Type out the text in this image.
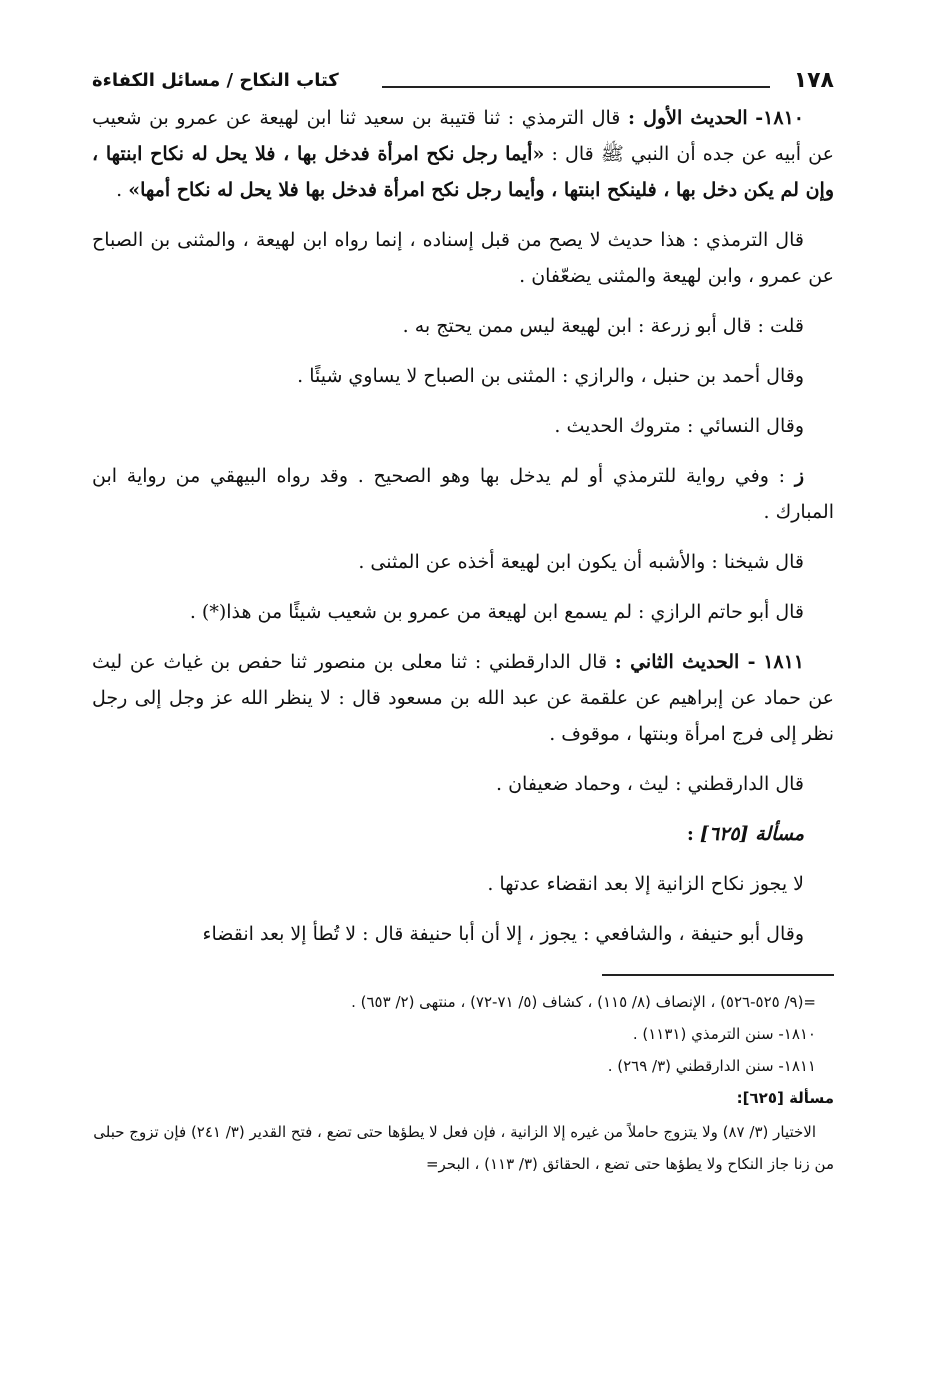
١٧٨
كتاب النكاح / مسائل الكفاءة

١٨١٠- الحديث الأول : قال الترمذي : ثنا قتيبة بن سعيد ثنا ابن لهيعة عن عمرو بن شعيب عن أبيه عن جده أن النبي ﷺ قال : «أيما رجل نكح امرأة فدخل بها ، فلا يحل له نكاح ابنتها ، وإن لم يكن دخل بها ، فلينكح ابنتها ، وأيما رجل نكح امرأة فدخل بها فلا يحل له نكاح أمها» .

قال الترمذي : هذا حديث لا يصح من قبل إسناده ، إنما رواه ابن لهيعة ، والمثنى بن الصباح عن عمرو ، وابن لهيعة والمثنى يضعّفان .

قلت : قال أبو زرعة : ابن لهيعة ليس ممن يحتج به .

وقال أحمد بن حنبل ، والرازي : المثنى بن الصباح لا يساوي شيئًا .

وقال النسائي : متروك الحديث .

ز : وفي رواية للترمذي أو لم يدخل بها وهو الصحيح . وقد رواه البيهقي من رواية ابن المبارك .

قال شيخنا : والأشبه أن يكون ابن لهيعة أخذه عن المثنى .

قال أبو حاتم الرازي : لم يسمع ابن لهيعة من عمرو بن شعيب شيئًا من هذا(*) .

١٨١١ - الحديث الثاني : قال الدارقطني : ثنا معلى بن منصور ثنا حفص بن غياث عن ليث عن حماد عن إبراهيم عن علقمة عن عبد الله بن مسعود قال : لا ينظر الله عز وجل إلى رجل نظر إلى فرج امرأة وبنتها ، موقوف .

قال الدارقطني : ليث ، وحماد ضعيفان .

مسألة [٦٢٥] :

لا يجوز نكاح الزانية إلا بعد انقضاء عدتها .

وقال أبو حنيفة ، والشافعي : يجوز ، إلا أن أبا حنيفة قال : لا تُطأ إلا بعد انقضاء

=(٩/ ٥٢٥-٥٢٦) ، الإنصاف (٨/ ١١٥) ، كشاف (٥/ ٧١-٧٢) ، منتهى (٢/ ٦٥٣) .

١٨١٠- سنن الترمذي (١١٣١) .

١٨١١- سنن الدارقطني (٣/ ٢٦٩) .

مسألة [٦٢٥]:

الاختيار (٣/ ٨٧) ولا يتزوج حاملاً من غيره إلا الزانية ، فإن فعل لا يطؤها حتى تضع ، فتح القدير (٣/ ٢٤١) فإن تزوج حبلى من زنا جاز النكاح ولا يطؤها حتى تضع ، الحقائق (٣/ ١١٣) ، البحر=
